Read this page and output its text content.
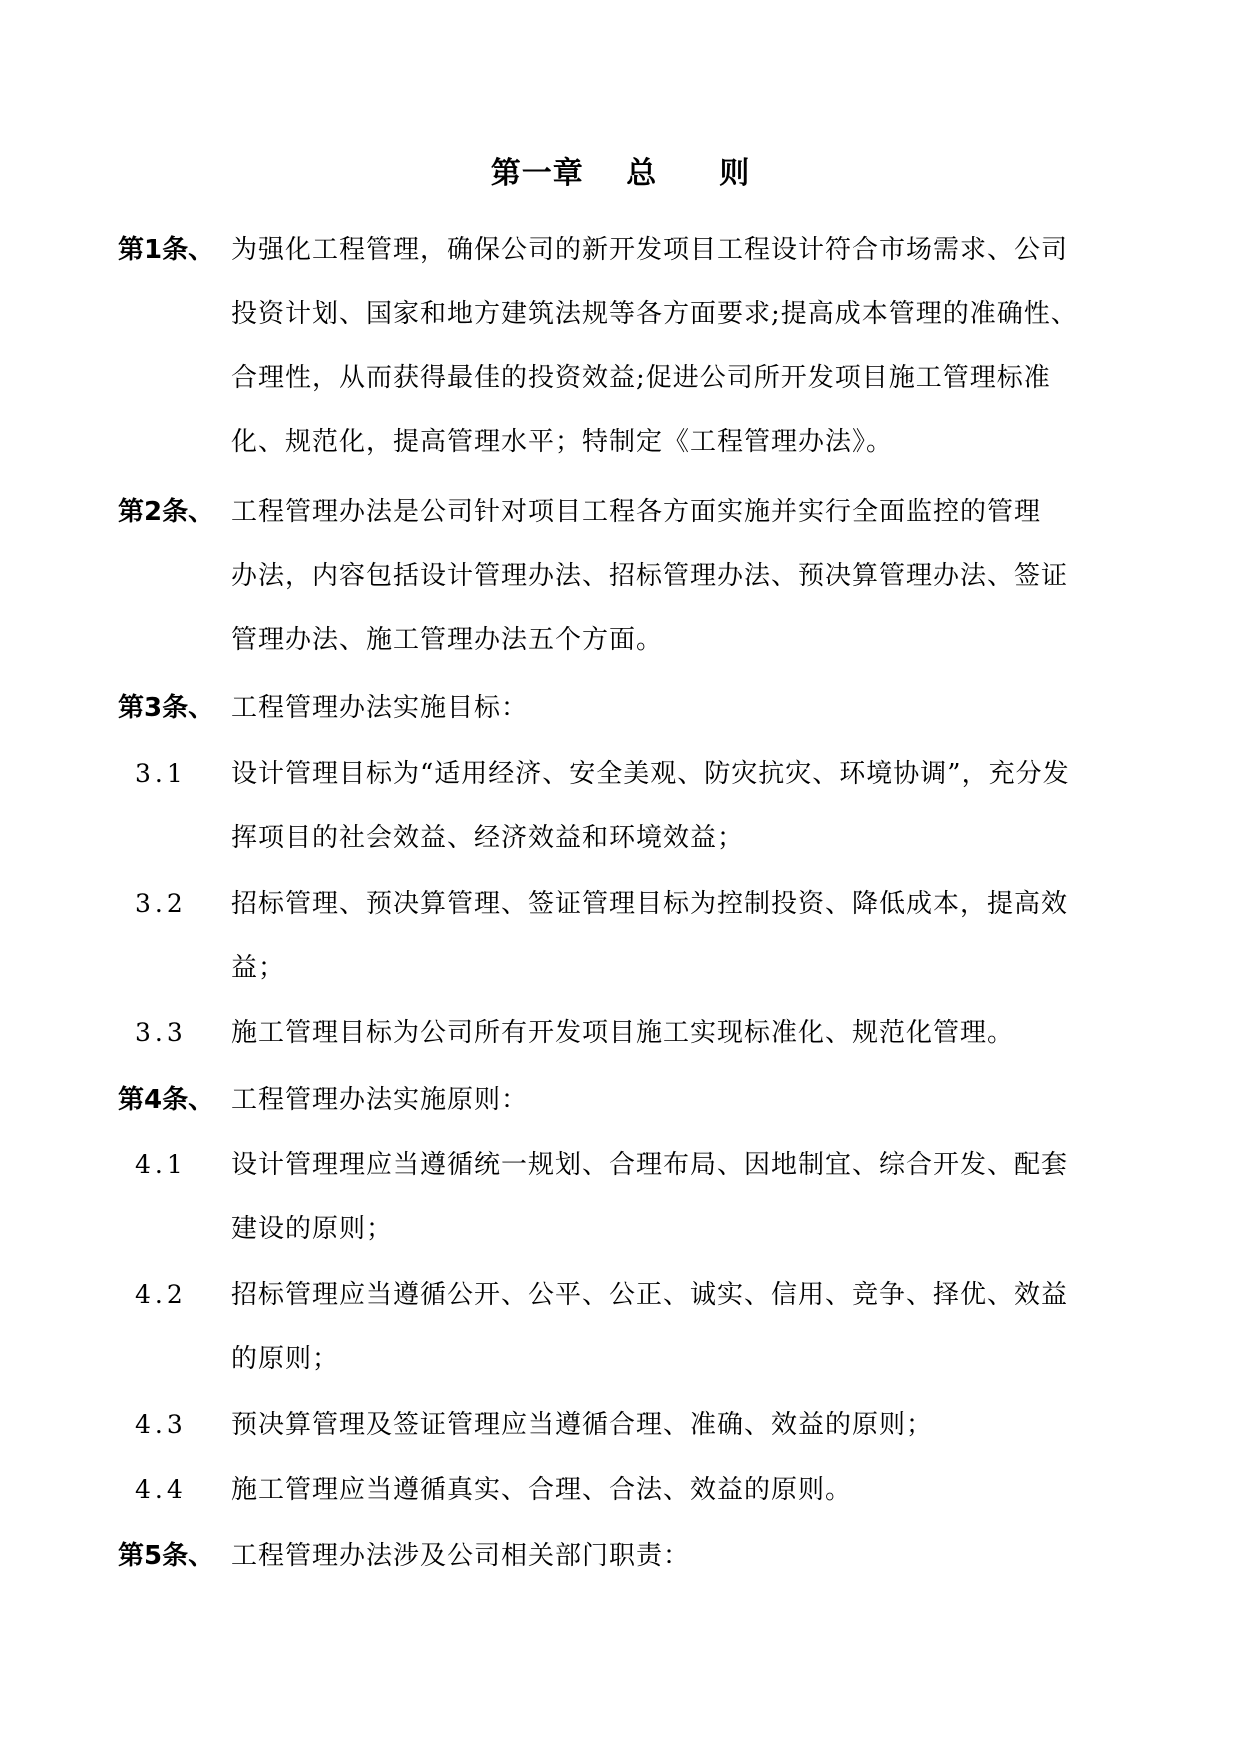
第一章　 总　　则
第1条、 为强化工程管理，确保公司的新开发项目工程设计符合市场需求、公司
投资计划、国家和地方建筑法规等各方面要求;提高成本管理的准确性、
合理性，从而获得最佳的投资效益;促进公司所开发项目施工管理标准
化、规范化，提高管理水平；特制定《工程管理办法》。
第2条、 工程管理办法是公司针对项目工程各方面实施并实行全面监控的管理
办法，内容包括设计管理办法、招标管理办法、预决算管理办法、签证
管理办法、施工管理办法五个方面。
第3条、 工程管理办法实施目标：
3.1 设计管理目标为“适用经济、安全美观、防灾抗灾、环境协调”，充分发
挥项目的社会效益、经济效益和环境效益；
3.2 招标管理、预决算管理、签证管理目标为控制投资、降低成本，提高效
益；
3.3 施工管理目标为公司所有开发项目施工实现标准化、规范化管理。
第4条、 工程管理办法实施原则：
4.1 设计管理理应当遵循统一规划、合理布局、因地制宜、综合开发、配套
建设的原则；
4.2 招标管理应当遵循公开、公平、公正、诚实、信用、竞争、择优、效益
的原则；
4.3 预决算管理及签证管理应当遵循合理、准确、效益的原则；
4.4 施工管理应当遵循真实、合理、合法、效益的原则。
第5条、 工程管理办法涉及公司相关部门职责：
